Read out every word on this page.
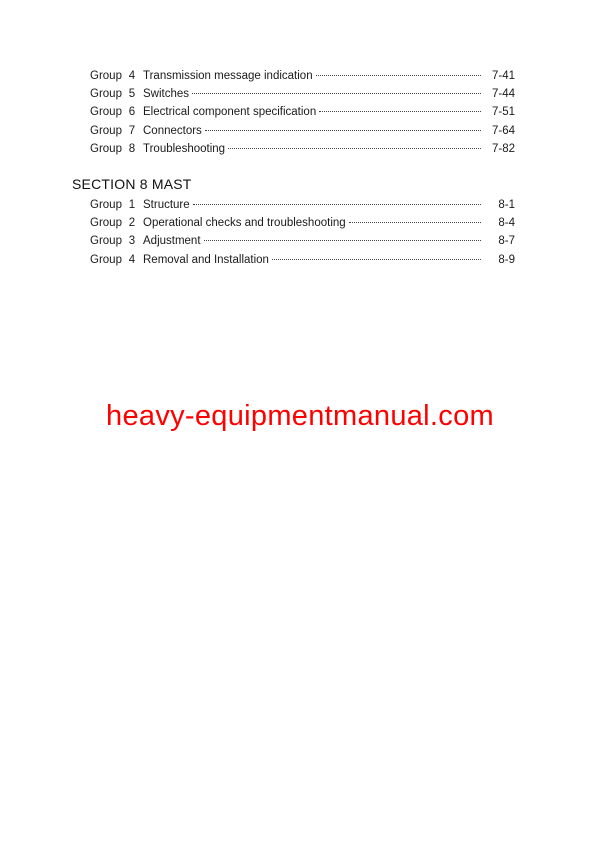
Group 4 Transmission message indication	7-41
Group 5 Switches	7-44
Group 6 Electrical component specification	7-51
Group 7 Connectors	7-64
Group 8 Troubleshooting	7-82
SECTION 8 MAST
Group 1 Structure	8-1
Group 2 Operational checks and troubleshooting	8-4
Group 3 Adjustment	8-7
Group 4 Removal and Installation	8-9
heavy-equipmentmanual.com
